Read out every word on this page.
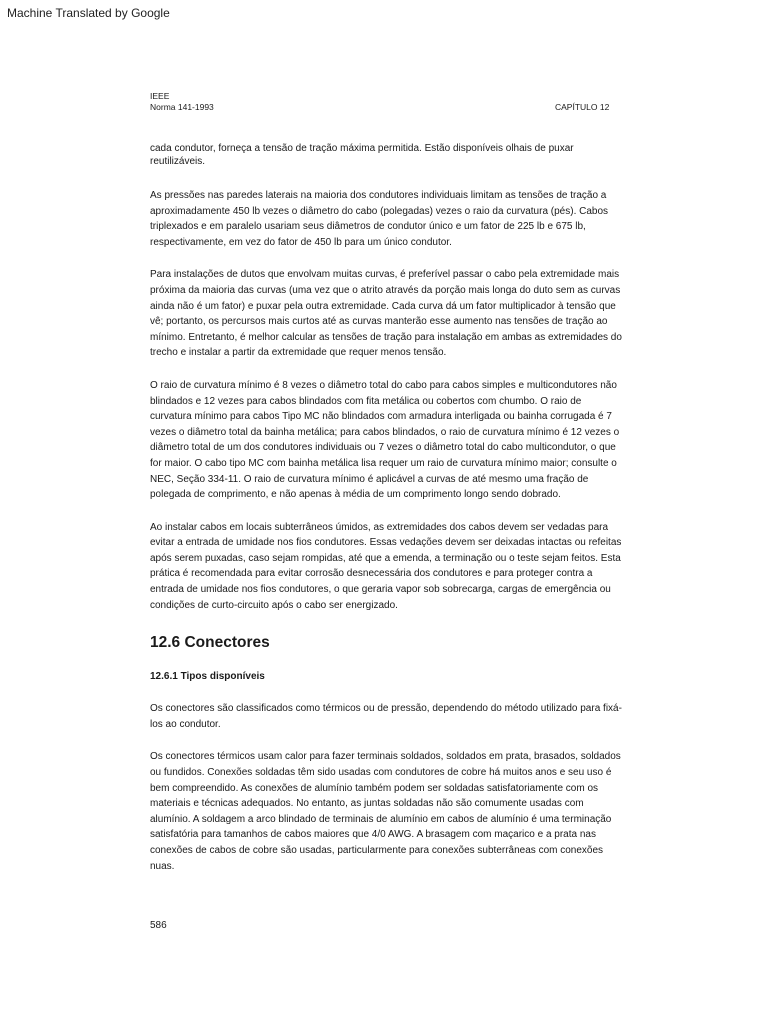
Machine Translated by Google
IEEE
Norma 141-1993	CAPÍTULO 12

cada condutor, forneça a tensão de tração máxima permitida. Estão disponíveis olhais de puxar reutilizáveis.

As pressões nas paredes laterais na maioria dos condutores individuais limitam as tensões de tração a aproximadamente 450 lb vezes o diâmetro do cabo (polegadas) vezes o raio da curvatura (pés). Cabos triplexados e em paralelo usariam seus diâmetros de condutor único e um fator de 225 lb e 675 lb, respectivamente, em vez do fator de 450 lb para um único condutor.

Para instalações de dutos que envolvam muitas curvas, é preferível passar o cabo pela extremidade mais próxima da maioria das curvas (uma vez que o atrito através da porção mais longa do duto sem as curvas ainda não é um fator) e puxar pela outra extremidade. Cada curva dá um fator multiplicador à tensão que vê; portanto, os percursos mais curtos até as curvas manterão esse aumento nas tensões de tração ao mínimo. Entretanto, é melhor calcular as tensões de tração para instalação em ambas as extremidades do trecho e instalar a partir da extremidade que requer menos tensão.

O raio de curvatura mínimo é 8 vezes o diâmetro total do cabo para cabos simples e multicondutores não blindados e 12 vezes para cabos blindados com fita metálica ou cobertos com chumbo. O raio de curvatura mínimo para cabos Tipo MC não blindados com armadura interligada ou bainha corrugada é 7 vezes o diâmetro total da bainha metálica; para cabos blindados, o raio de curvatura mínimo é 12 vezes o diâmetro total de um dos condutores individuais ou 7 vezes o diâmetro total do cabo multicondutor, o que for maior. O cabo tipo MC com bainha metálica lisa requer um raio de curvatura mínimo maior; consulte o NEC, Seção 334-11. O raio de curvatura mínimo é aplicável a curvas de até mesmo uma fração de polegada de comprimento, e não apenas à média de um comprimento longo sendo dobrado.

Ao instalar cabos em locais subterrâneos úmidos, as extremidades dos cabos devem ser vedadas para evitar a entrada de umidade nos fios condutores. Essas vedações devem ser deixadas intactas ou refeitas após serem puxadas, caso sejam rompidas, até que a emenda, a terminação ou o teste sejam feitos. Esta prática é recomendada para evitar corrosão desnecessária dos condutores e para proteger contra a entrada de umidade nos fios condutores, o que geraria vapor sob sobrecarga, cargas de emergência ou condições de curto-circuito após o cabo ser energizado.

12.6 Conectores
12.6.1 Tipos disponíveis

Os conectores são classificados como térmicos ou de pressão, dependendo do método utilizado para fixá-los ao condutor.

Os conectores térmicos usam calor para fazer terminais soldados, soldados em prata, brasados, soldados ou fundidos. Conexões soldadas têm sido usadas com condutores de cobre há muitos anos e seu uso é bem compreendido. As conexões de alumínio também podem ser soldadas satisfatoriamente com os materiais e técnicas adequados. No entanto, as juntas soldadas não são comumente usadas com alumínio. A soldagem a arco blindado de terminais de alumínio em cabos de alumínio é uma terminação satisfatória para tamanhos de cabos maiores que 4/0 AWG. A brasagem com maçarico e a prata nas conexões de cabos de cobre são usadas, particularmente para conexões subterrâneas com conexões nuas.

586
